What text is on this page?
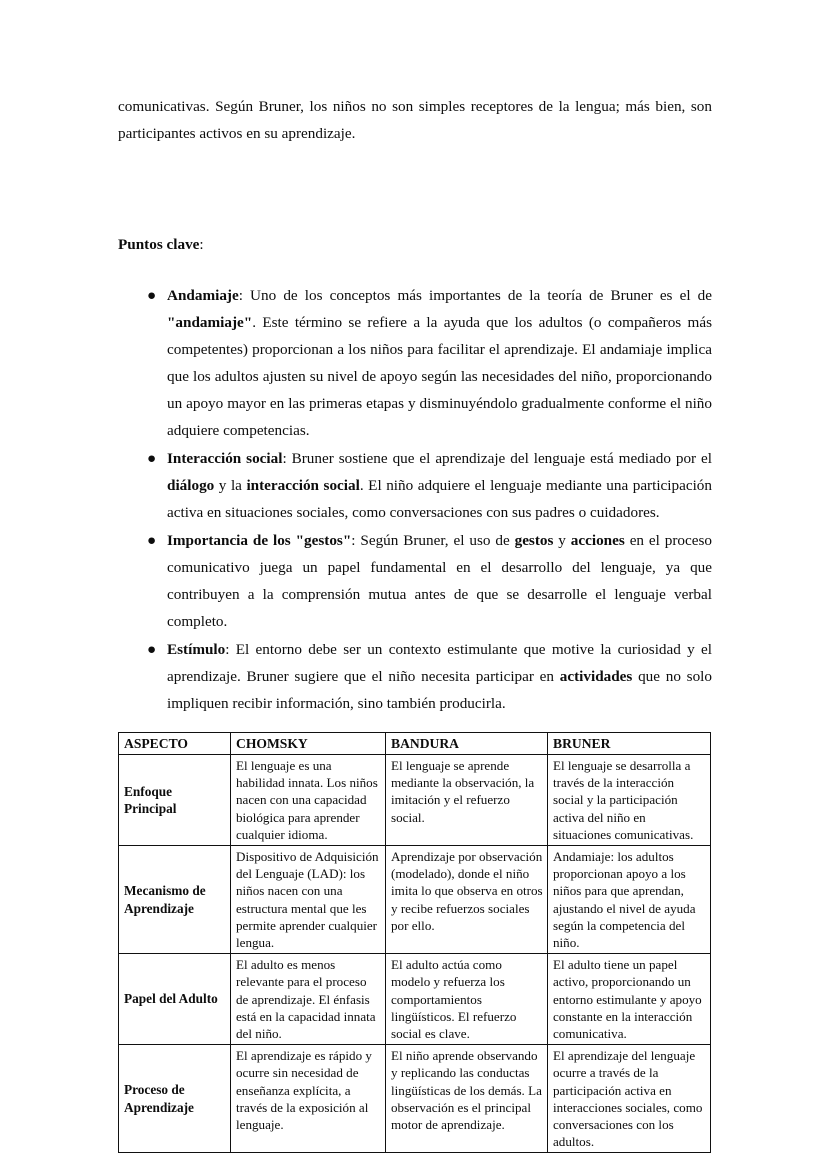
comunicativas. Según Bruner, los niños no son simples receptores de la lengua; más bien, son participantes activos en su aprendizaje.

Puntos clave:

● Andamiaje: Uno de los conceptos más importantes de la teoría de Bruner es el de "andamiaje". Este término se refiere a la ayuda que los adultos (o compañeros más competentes) proporcionan a los niños para facilitar el aprendizaje. El andamiaje implica que los adultos ajusten su nivel de apoyo según las necesidades del niño, proporcionando un apoyo mayor en las primeras etapas y disminuyéndolo gradualmente conforme el niño adquiere competencias.
● Interacción social: Bruner sostiene que el aprendizaje del lenguaje está mediado por el diálogo y la interacción social. El niño adquiere el lenguaje mediante una participación activa en situaciones sociales, como conversaciones con sus padres o cuidadores.
● Importancia de los "gestos": Según Bruner, el uso de gestos y acciones en el proceso comunicativo juega un papel fundamental en el desarrollo del lenguaje, ya que contribuyen a la comprensión mutua antes de que se desarrolle el lenguaje verbal completo.
● Estímulo: El entorno debe ser un contexto estimulante que motive la curiosidad y el aprendizaje. Bruner sugiere que el niño necesita participar en actividades que no solo impliquen recibir información, sino también producirla.
ASPECTO	CHOMSKY	BANDURA	BRUNER
Enfoque Principal	El lenguaje es una habilidad innata. Los niños nacen con una capacidad biológica para aprender cualquier idioma.	El lenguaje se aprende mediante la observación, la imitación y el refuerzo social.	El lenguaje se desarrolla a través de la interacción social y la participación activa del niño en situaciones comunicativas.
Mecanismo de Aprendizaje	Dispositivo de Adquisición del Lenguaje (LAD): los niños nacen con una estructura mental que les permite aprender cualquier lengua.	Aprendizaje por observación (modelado), donde el niño imita lo que observa en otros y recibe refuerzos sociales por ello.	Andamiaje: los adultos proporcionan apoyo a los niños para que aprendan, ajustando el nivel de ayuda según la competencia del niño.
Papel del Adulto	El adulto es menos relevante para el proceso de aprendizaje. El énfasis está en la capacidad innata del niño.	El adulto actúa como modelo y refuerza los comportamientos lingüísticos. El refuerzo social es clave.	El adulto tiene un papel activo, proporcionando un entorno estimulante y apoyo constante en la interacción comunicativa.
Proceso de Aprendizaje	El aprendizaje es rápido y ocurre sin necesidad de enseñanza explícita, a través de la exposición al lenguaje.	El niño aprende observando y replicando las conductas lingüísticas de los demás. La observación es el principal motor de aprendizaje.	El aprendizaje del lenguaje ocurre a través de la participación activa en interacciones sociales, como conversaciones con los adultos.
